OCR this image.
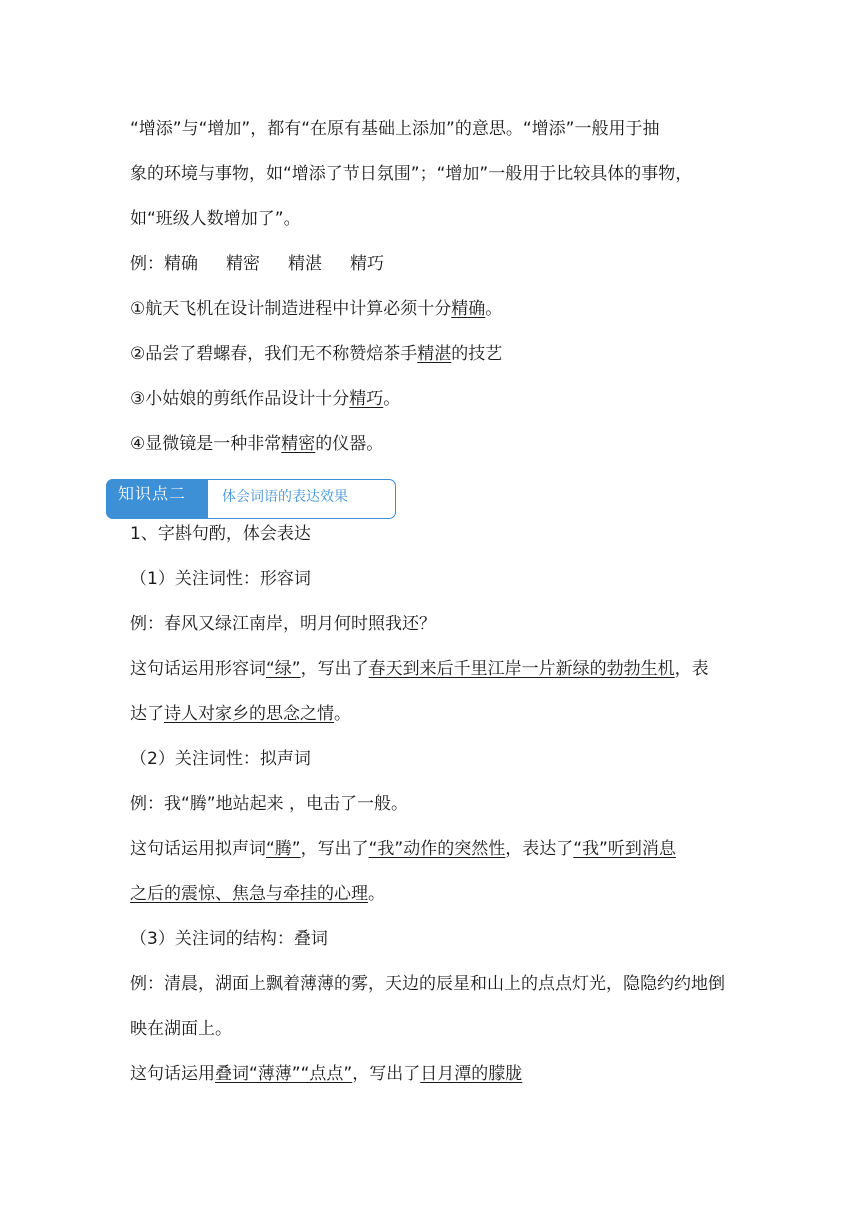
“增添”与“增加”，都有“在原有基础上添加”的意思。“增添”一般用于抽
象的环境与事物，如“增添了节日氛围”；“增加”一般用于比较具体的事物，
如“班级人数增加了”。
例：精确 精密 精湛 精巧
①航天飞机在设计制造进程中计算必须十分精确。
②品尝了碧螺春，我们无不称赞焙茶手精湛的技艺
③小姑娘的剪纸作品设计十分精巧。
④显微镜是一种非常精密的仪器。
知识点二	体会词语的表达效果
1、字斟句酌，体会表达
（1）关注词性：形容词
例：春风又绿江南岸，明月何时照我还？
这句话运用形容词“绿”，写出了春天到来后千里江岸一片新绿的勃勃生机，表
达了诗人对家乡的思念之情。
（2）关注词性：拟声词
例：我“腾”地站起来 ，电击了一般。
这句话运用拟声词“腾”，写出了“我”动作的突然性，表达了“我”听到消息
之后的震惊、焦急与牵挂的心理。
（3）关注词的结构：叠词
例：清晨，湖面上飘着薄薄的雾，天边的辰星和山上的点点灯光，隐隐约约地倒
映在湖面上。
这句话运用叠词“薄薄”“点点”，写出了日月潭的朦胧
